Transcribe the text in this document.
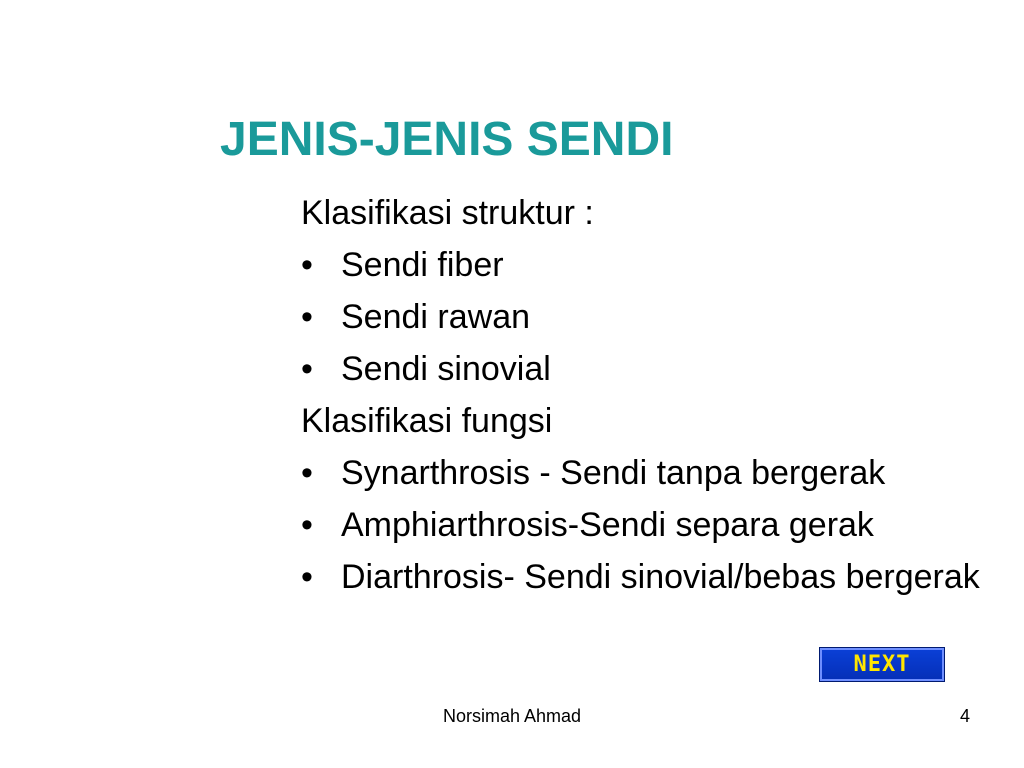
JENIS-JENIS SENDI

Klasifikasi struktur :

• Sendi fiber
• Sendi rawan
• Sendi sinovial

Klasifikasi fungsi

• Synarthrosis - Sendi tanpa bergerak
• Amphiarthrosis-Sendi separa gerak
• Diarthrosis- Sendi sinovial/bebas bergerak
NEXT
Norsimah Ahmad	4
